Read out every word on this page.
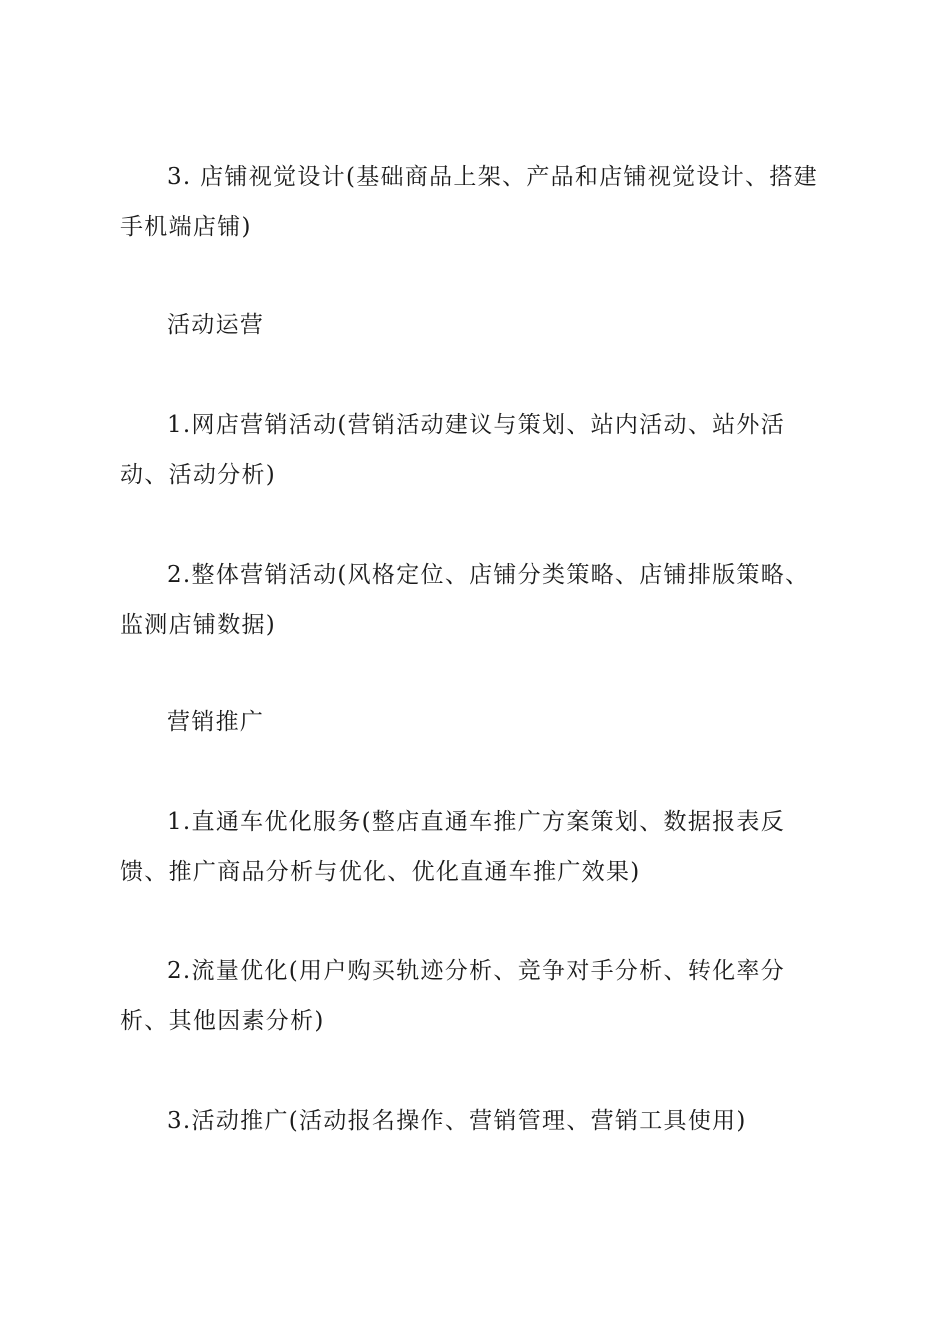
3. 店铺视觉设计(基础商品上架、产品和店铺视觉设计、搭建手机端店铺)

活动运营

1.网店营销活动(营销活动建议与策划、站内活动、站外活动、活动分析)

2.整体营销活动(风格定位、店铺分类策略、店铺排版策略、监测店铺数据)

营销推广

1.直通车优化服务(整店直通车推广方案策划、数据报表反馈、推广商品分析与优化、优化直通车推广效果)

2.流量优化(用户购买轨迹分析、竞争对手分析、转化率分析、其他因素分析)

3.活动推广(活动报名操作、营销管理、营销工具使用)
